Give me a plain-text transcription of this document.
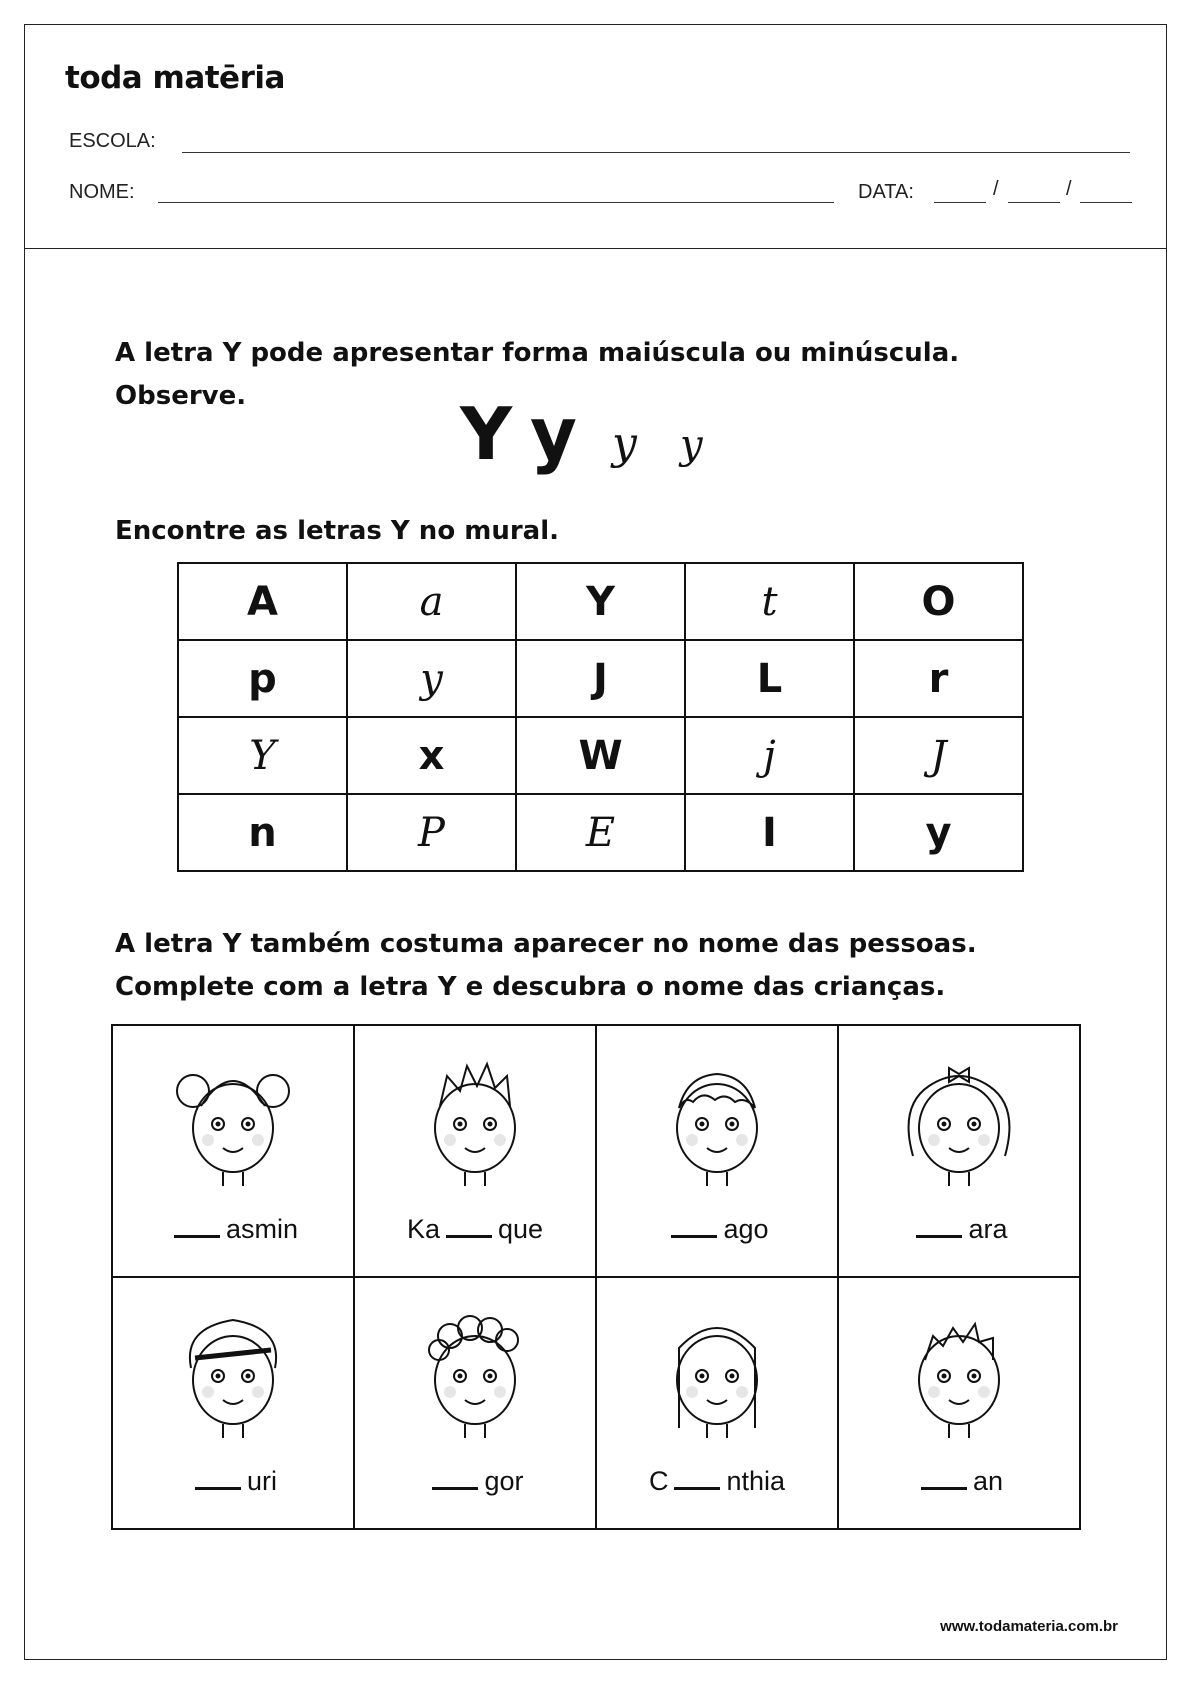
toda matēria
ESCOLA:
NOME:	DATA:	/	/
A letra Y pode apresentar forma maiúscula ou minúscula.
Observe.	Y y y y
Encontre as letras Y no mural.
A	a	Y	t	O
p	y	J	L	r
Y	x	W	j	J
n	P	E	I	y
A letra Y também costuma aparecer no nome das pessoas.
Complete com a letra Y e descubra o nome das crianças.
asmin	Ka que	ago	ara

uri	gor	C nthia	an
www.todamateria.com.br
